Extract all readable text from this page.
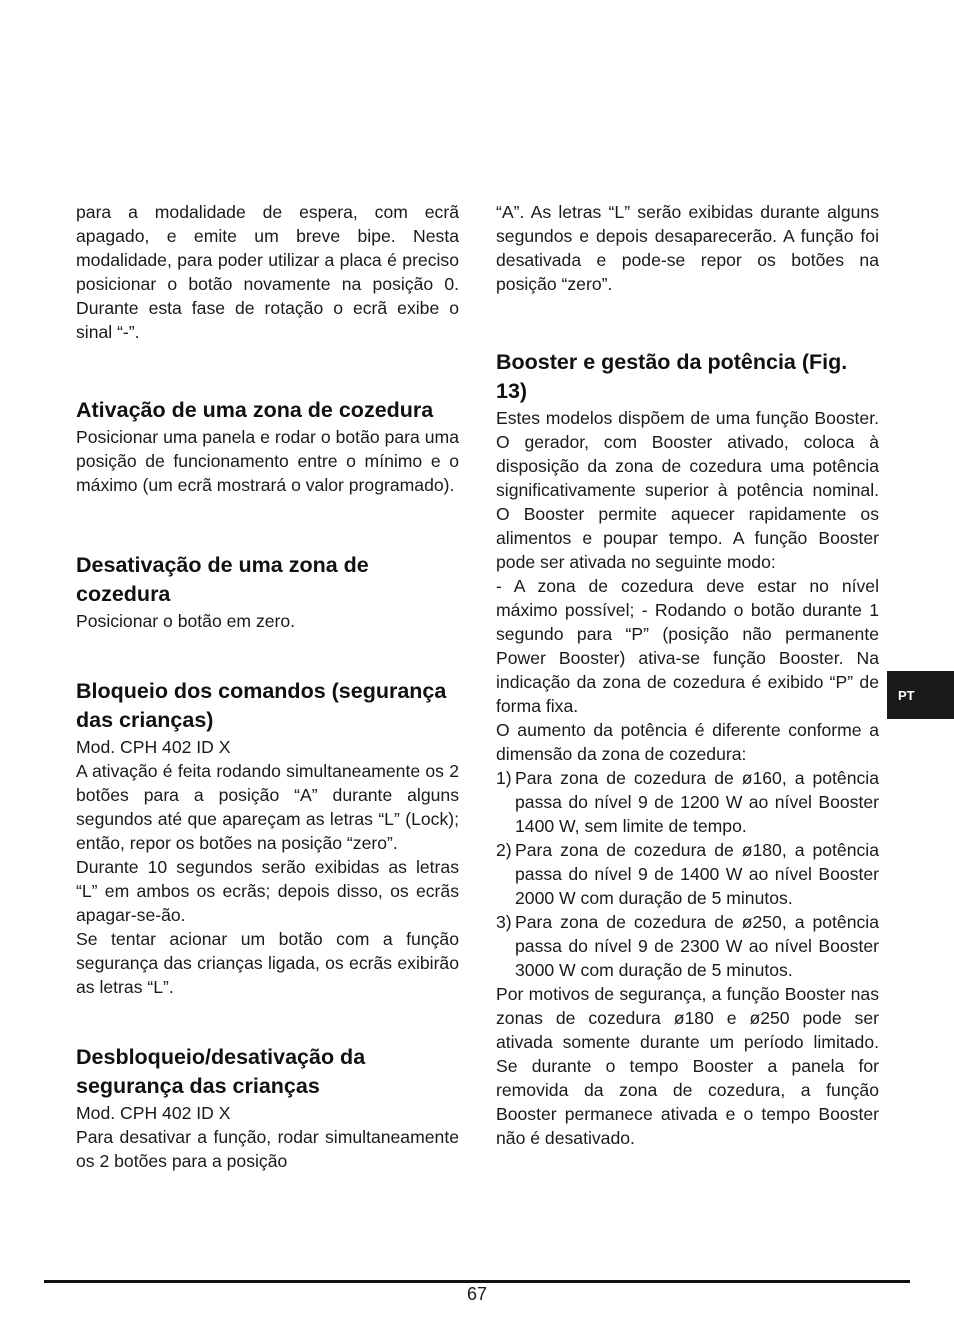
para a modalidade de espera, com ecrã apagado, e emite um breve bipe. Nesta modalidade, para poder utilizar a placa é preciso posicionar o botão novamente na posição 0. Durante esta fase de rotação o ecrã exibe o sinal “-”.

Ativação de uma zona de cozedura

Posicionar uma panela e rodar o botão para uma posição de funcionamento entre o mínimo e o máximo (um ecrã mostrará o valor programado).

Desativação de uma zona de cozedura

Posicionar o botão em zero.

Bloqueio dos comandos (segurança das crianças)

Mod. CPH 402 ID X

A ativação é feita rodando simultaneamente os 2 botões para a posição “A” durante alguns segundos até que apareçam as letras “L” (Lock); então, repor os botões na posição “zero”.

Durante 10 segundos serão exibidas as letras “L” em ambos os ecrãs; depois disso, os ecrãs apagar-se-ão.

Se tentar acionar um botão com a função segurança das crianças ligada, os ecrãs exibirão as letras “L”.

Desbloqueio/desativação da segurança das crianças

Mod. CPH 402 ID X

Para desativar a função, rodar simultaneamente os 2 botões para a posição

“A”. As letras “L” serão exibidas durante alguns segundos e depois desaparecerão. A função foi desativada e pode-se repor os botões na posição “zero”.

Booster e gestão da potência (Fig. 13)

Estes modelos dispõem de uma função Booster. O gerador, com Booster ativado, coloca à disposição da zona de cozedura uma potência significativamente superior à potência nominal. O Booster permite aquecer rapidamente os alimentos e poupar tempo. A função Booster pode ser ativada no seguinte modo:

- A zona de cozedura deve estar no nível máximo possível; - Rodando o botão durante 1 segundo para “P” (posição não permanente Power Booster) ativa-se função Booster. Na indicação da zona de cozedura é exibido “P” de forma fixa.

O aumento da potência é diferente conforme a dimensão da zona de cozedura:

1) Para zona de cozedura de ø160, a potência passa do nível 9 de 1200 W ao nível Booster 1400 W, sem limite de tempo.
2) Para zona de cozedura de ø180, a potência passa do nível 9 de 1400 W ao nível Booster 2000 W com duração de 5 minutos.
3) Para zona de cozedura de ø250, a potência passa do nível 9 de 2300 W ao nível Booster 3000 W com duração de 5 minutos.

Por motivos de segurança, a função Booster nas zonas de cozedura ø180 e ø250 pode ser ativada somente durante um período limitado. Se durante o tempo Booster a panela for removida da zona de cozedura, a função Booster permanece ativada e o tempo Booster não é desativado.

PT
67
